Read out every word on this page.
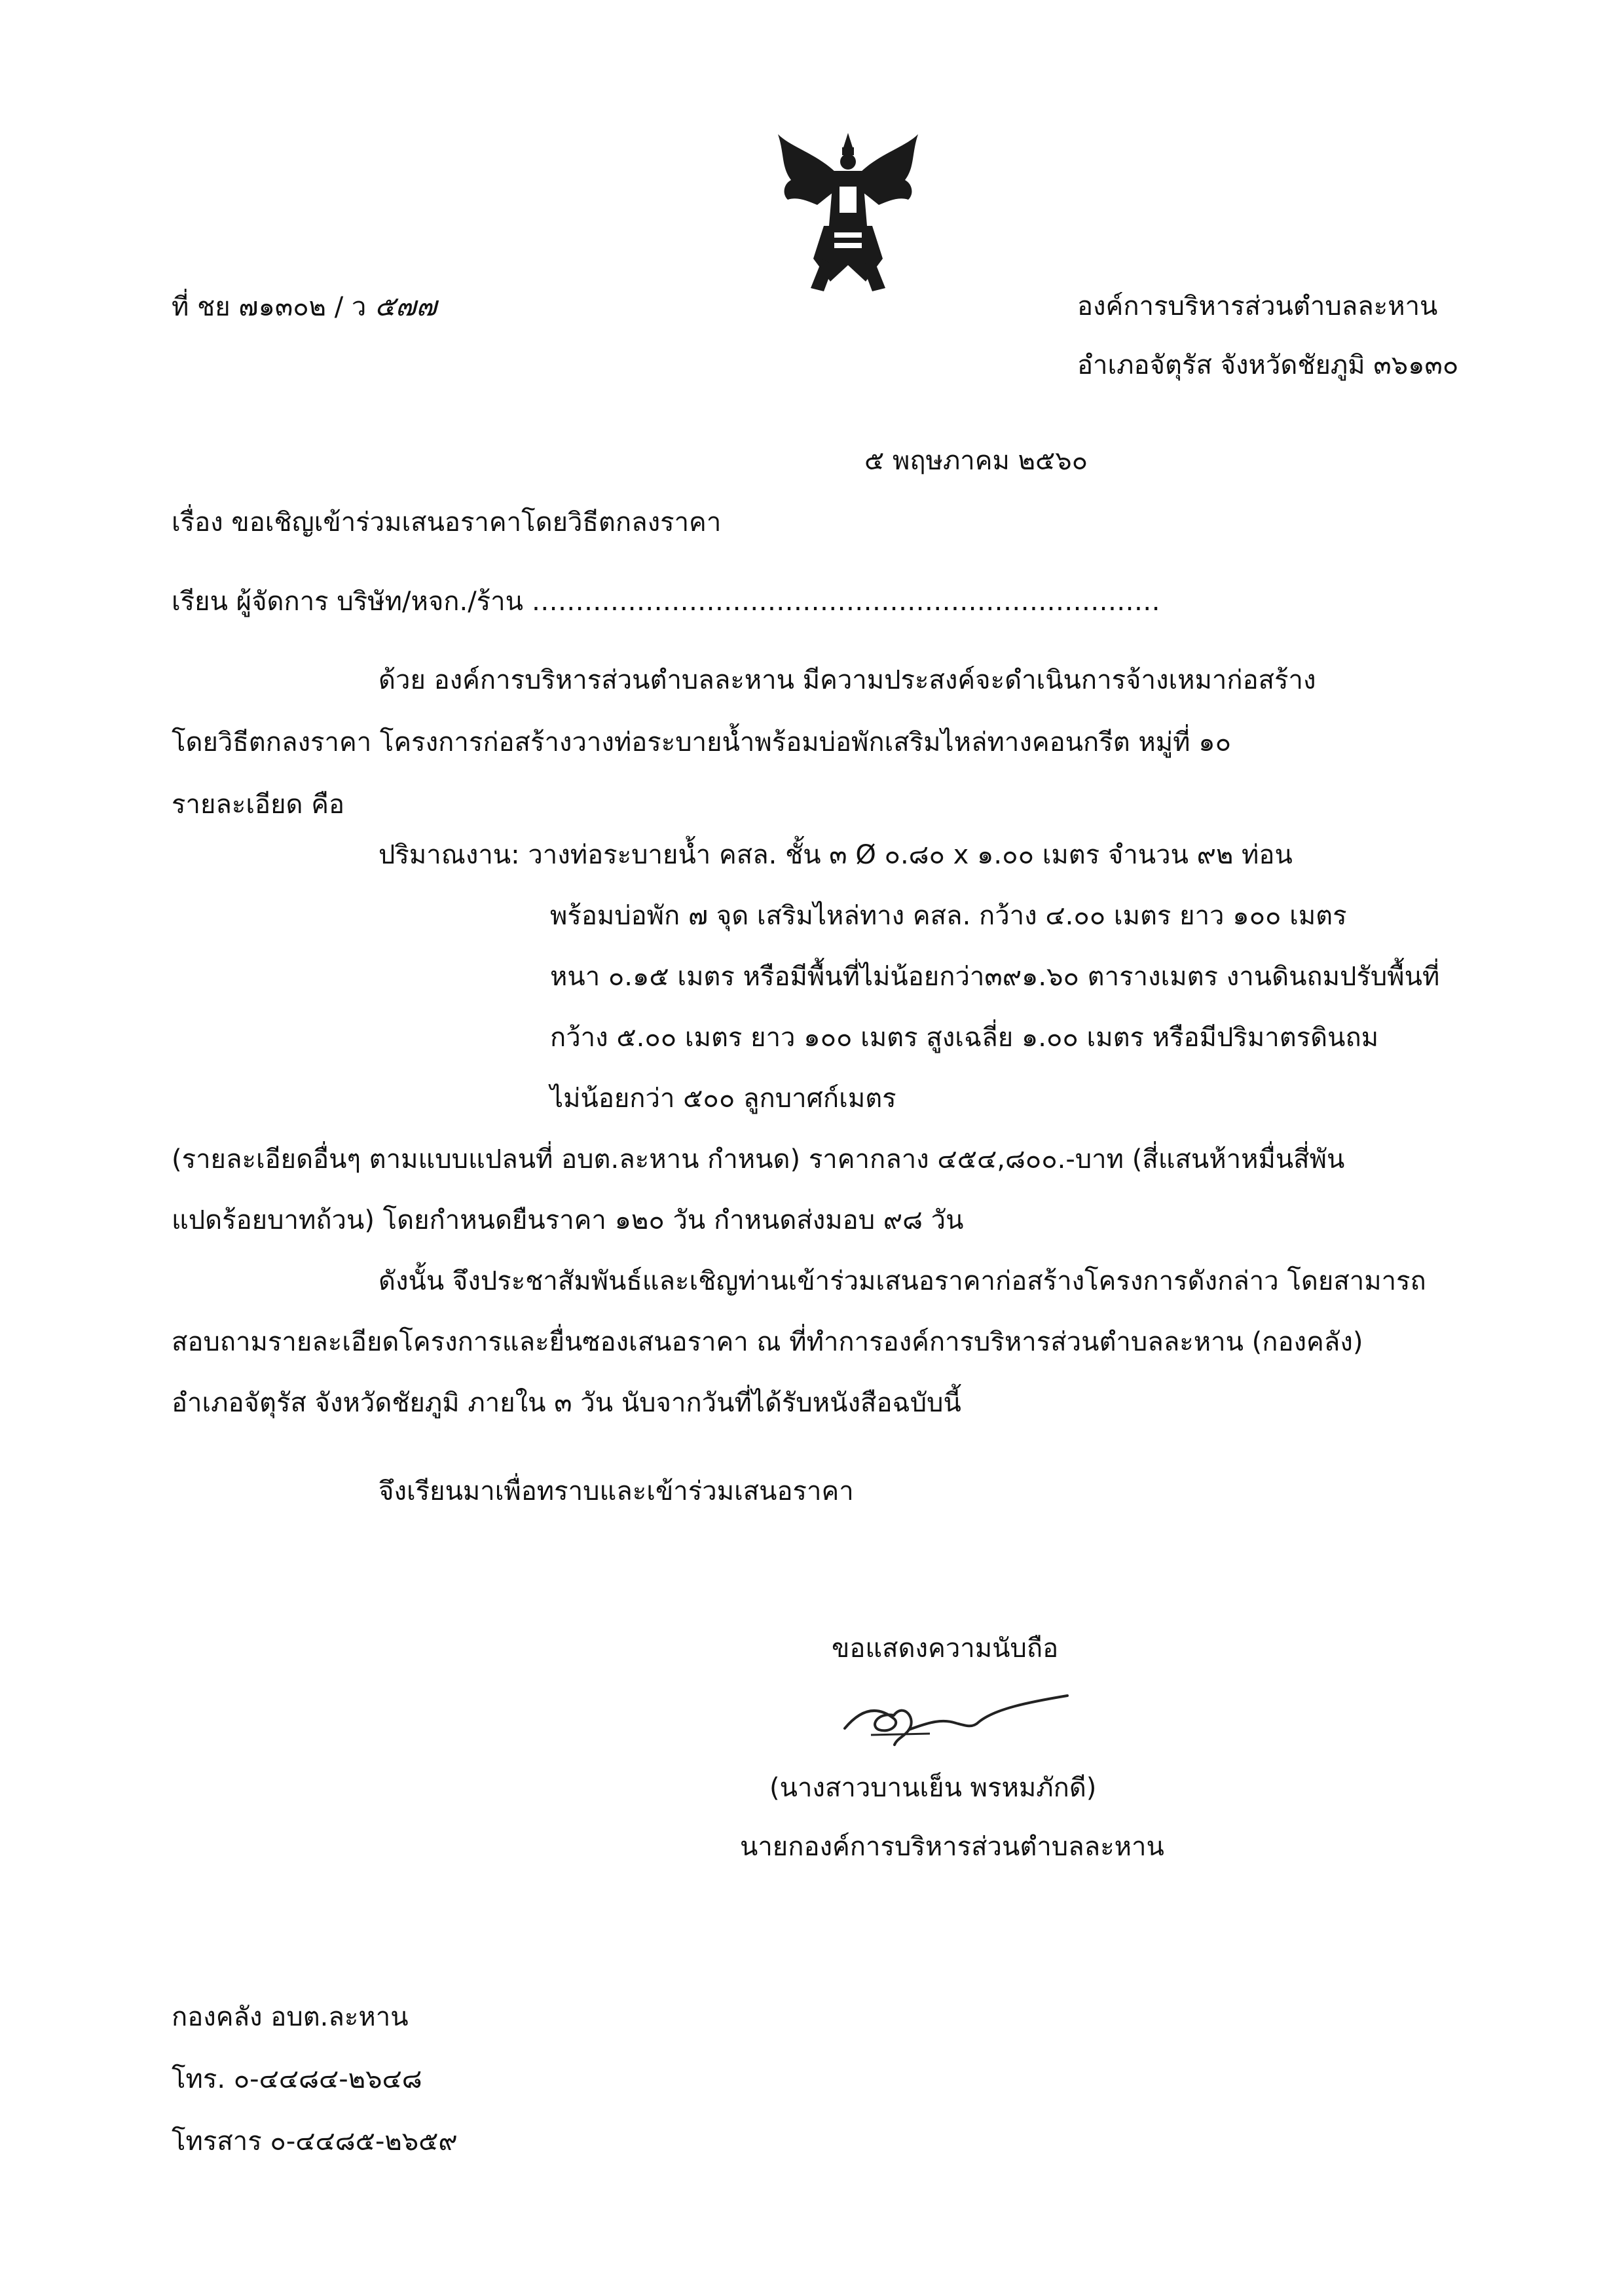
ที่ ชย ๗๑๓๐๒ / ว ๕๗๗	องค์การบริหารส่วนตำบลละหาน
อำเภอจัตุรัส จังหวัดชัยภูมิ ๓๖๑๓๐
๕ พฤษภาคม ๒๕๖๐
เรื่อง ขอเชิญเข้าร่วมเสนอราคาโดยวิธีตกลงราคา
เรียน ผู้จัดการ บริษัท/หจก./ร้าน ………………………………………………………………
ด้วย องค์การบริหารส่วนตำบลละหาน มีความประสงค์จะดำเนินการจ้างเหมาก่อสร้าง
โดยวิธีตกลงราคา โครงการก่อสร้างวางท่อระบายน้ำพร้อมบ่อพักเสริมไหล่ทางคอนกรีต หมู่ที่ ๑๐
รายละเอียด คือ
ปริมาณงาน: วางท่อระบายน้ำ คสล. ชั้น ๓ Ø ๐.๘๐ x ๑.๐๐ เมตร จำนวน ๙๒ ท่อน
พร้อมบ่อพัก ๗ จุด เสริมไหล่ทาง คสล. กว้าง ๔.๐๐ เมตร ยาว ๑๐๐ เมตร
หนา ๐.๑๕ เมตร หรือมีพื้นที่ไม่น้อยกว่า๓๙๑.๖๐ ตารางเมตร งานดินถมปรับพื้นที่
กว้าง ๕.๐๐ เมตร ยาว ๑๐๐ เมตร สูงเฉลี่ย ๑.๐๐ เมตร หรือมีปริมาตรดินถม
ไม่น้อยกว่า ๕๐๐ ลูกบาศก์เมตร
(รายละเอียดอื่นๆ ตามแบบแปลนที่ อบต.ละหาน กำหนด) ราคากลาง ๔๕๔,๘๐๐.-บาท (สี่แสนห้าหมื่นสี่พัน
แปดร้อยบาทถ้วน) โดยกำหนดยืนราคา ๑๒๐ วัน กำหนดส่งมอบ ๙๘ วัน
ดังนั้น จึงประชาสัมพันธ์และเชิญท่านเข้าร่วมเสนอราคาก่อสร้างโครงการดังกล่าว โดยสามารถ
สอบถามรายละเอียดโครงการและยื่นซองเสนอราคา ณ ที่ทำการองค์การบริหารส่วนตำบลละหาน (กองคลัง)
อำเภอจัตุรัส จังหวัดชัยภูมิ ภายใน ๓ วัน นับจากวันที่ได้รับหนังสือฉบับนี้
จึงเรียนมาเพื่อทราบและเข้าร่วมเสนอราคา
ขอแสดงความนับถือ
(นางสาวบานเย็น พรหมภักดี)
นายกองค์การบริหารส่วนตำบลละหาน
กองคลัง อบต.ละหาน
โทร. ๐-๔๔๘๔-๒๖๔๘
โทรสาร ๐-๔๔๘๕-๒๖๕๙
